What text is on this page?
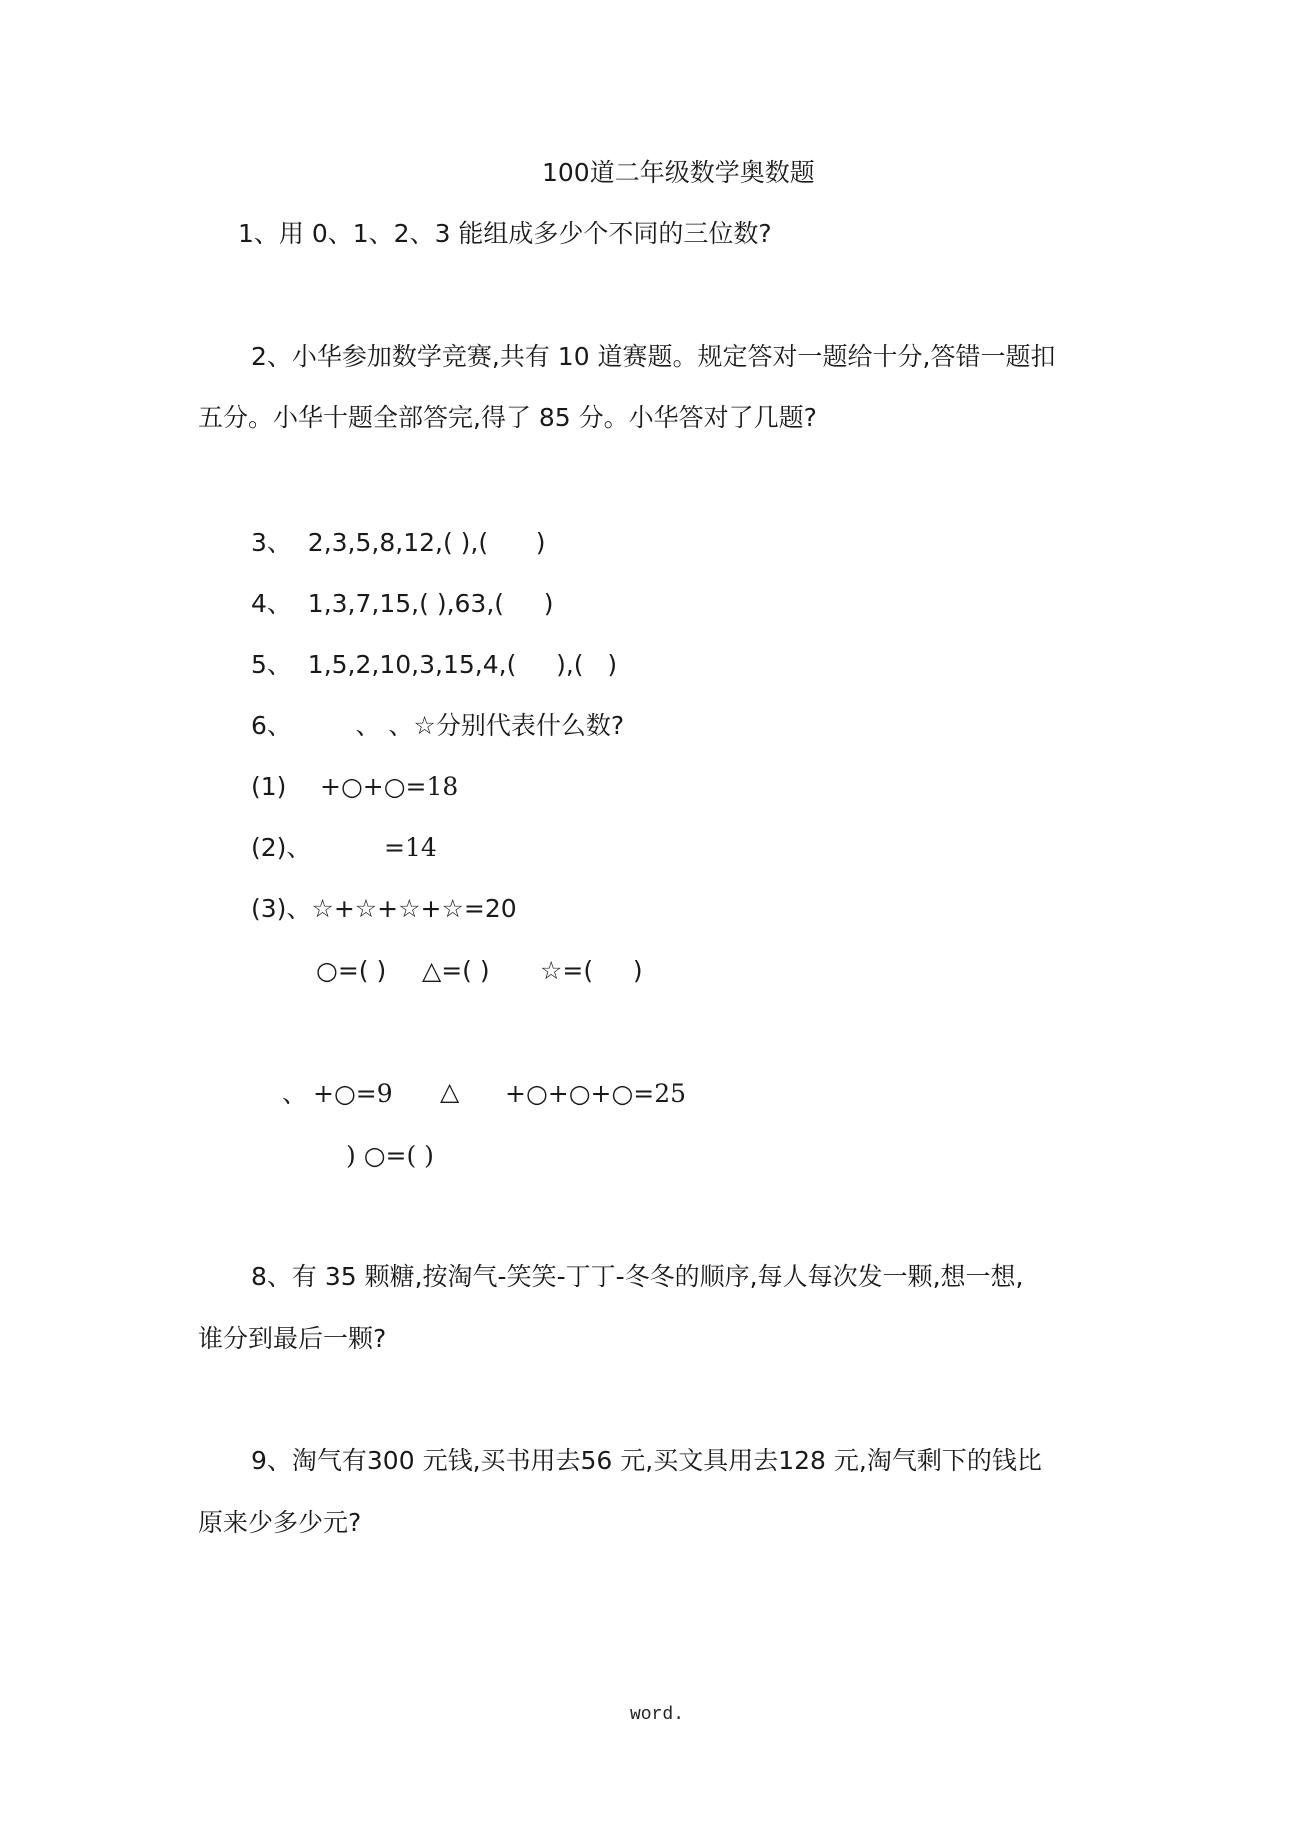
100道二年级数学奥数题
1、用 0、1、2、3 能组成多少个不同的三位数?
2、小华参加数学竞赛,共有 10 道赛题。规定答对一题给十分,答错一题扣
五分。小华十题全部答完,得了 85 分。小华答对了几题?
3、  2,3,5,8,12,( ),(      )
4、  1,3,7,15,( ),63,(     )
5、  1,5,2,10,3,15,4,(     ),(   )
6、        、 、☆分别代表什么数?
(1) +○+○=18
(2)、	=14
(3)、☆+☆+☆+☆=20
○=( ) △=( ) ☆=(     )
、 +○=9 △ +○+○+○=25
) ○=( )
8、有 35 颗糖,按淘气-笑笑-丁丁-冬冬的顺序,每人每次发一颗,想一想,
谁分到最后一颗?
9、淘气有300 元钱,买书用去56 元,买文具用去128 元,淘气剩下的钱比
原来少多少元?
word.
